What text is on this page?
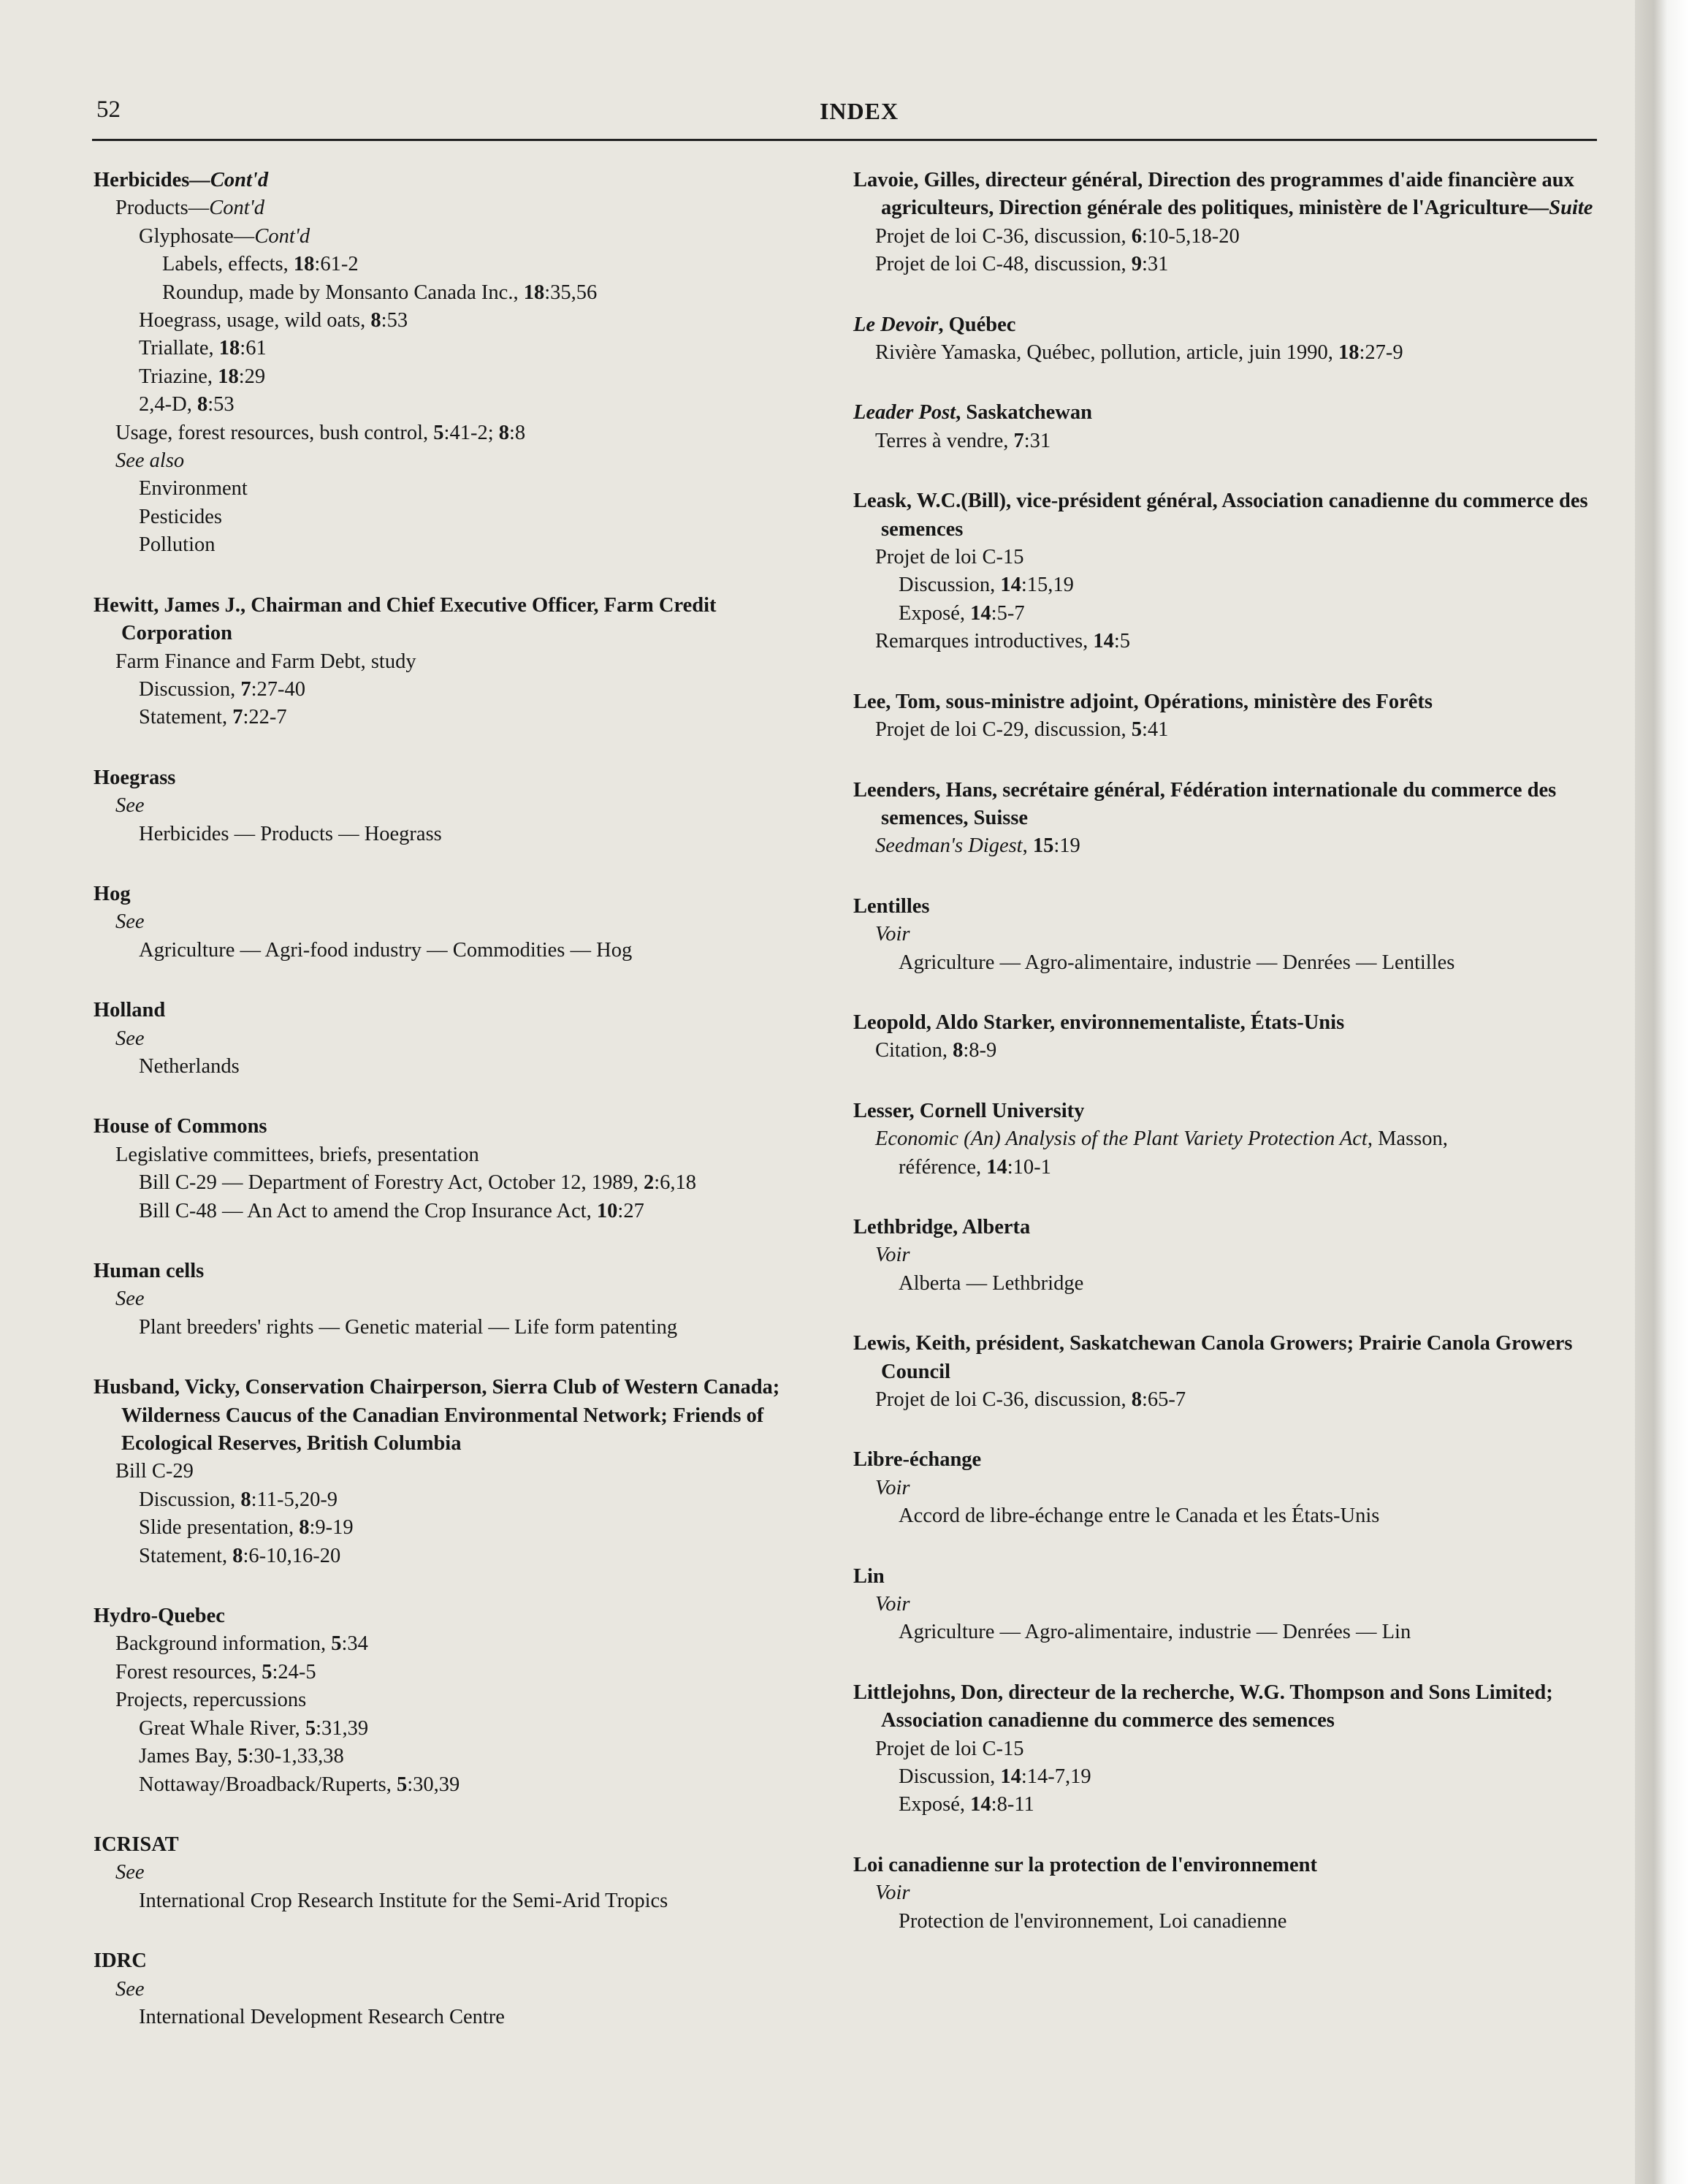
52	INDEX
Herbicides—Cont'd
Products—Cont'd
Glyphosate—Cont'd
Labels, effects, 18:61-2
Roundup, made by Monsanto Canada Inc., 18:35,56
Hoegrass, usage, wild oats, 8:53
Triallate, 18:61
Triazine, 18:29
2,4-D, 8:53
Usage, forest resources, bush control, 5:41-2; 8:8
See also
Environment
Pesticides
Pollution
Hewitt, James J., Chairman and Chief Executive Officer, Farm Credit Corporation
Farm Finance and Farm Debt, study
Discussion, 7:27-40
Statement, 7:22-7
Hoegrass
See
Herbicides — Products — Hoegrass
Hog
See
Agriculture — Agri-food industry — Commodities — Hog
Holland
See
Netherlands
House of Commons
Legislative committees, briefs, presentation
Bill C-29 — Department of Forestry Act, October 12, 1989, 2:6,18
Bill C-48 — An Act to amend the Crop Insurance Act, 10:27
Human cells
See
Plant breeders' rights — Genetic material — Life form patenting
Husband, Vicky, Conservation Chairperson, Sierra Club of Western Canada; Wilderness Caucus of the Canadian Environmental Network; Friends of Ecological Reserves, British Columbia
Bill C-29
Discussion, 8:11-5,20-9
Slide presentation, 8:9-19
Statement, 8:6-10,16-20
Hydro-Quebec
Background information, 5:34
Forest resources, 5:24-5
Projects, repercussions
Great Whale River, 5:31,39
James Bay, 5:30-1,33,38
Nottaway/Broadback/Ruperts, 5:30,39
ICRISAT
See
International Crop Research Institute for the Semi-Arid Tropics
IDRC
See
International Development Research Centre
Lavoie, Gilles, directeur général, Direction des programmes d'aide financière aux agriculteurs, Direction générale des politiques, ministère de l'Agriculture—Suite
Projet de loi C-36, discussion, 6:10-5,18-20
Projet de loi C-48, discussion, 9:31
Le Devoir, Québec
Rivière Yamaska, Québec, pollution, article, juin 1990, 18:27-9
Leader Post, Saskatchewan
Terres à vendre, 7:31
Leask, W.C.(Bill), vice-président général, Association canadienne du commerce des semences
Projet de loi C-15
Discussion, 14:15,19
Exposé, 14:5-7
Remarques introductives, 14:5
Lee, Tom, sous-ministre adjoint, Opérations, ministère des Forêts
Projet de loi C-29, discussion, 5:41
Leenders, Hans, secrétaire général, Fédération internationale du commerce des semences, Suisse
Seedman's Digest, 15:19
Lentilles
Voir
Agriculture — Agro-alimentaire, industrie — Denrées — Lentilles
Leopold, Aldo Starker, environnementaliste, États-Unis
Citation, 8:8-9
Lesser, Cornell University
Economic (An) Analysis of the Plant Variety Protection Act, Masson,
référence, 14:10-1
Lethbridge, Alberta
Voir
Alberta — Lethbridge
Lewis, Keith, président, Saskatchewan Canola Growers; Prairie Canola Growers Council
Projet de loi C-36, discussion, 8:65-7
Libre-échange
Voir
Accord de libre-échange entre le Canada et les États-Unis
Lin
Voir
Agriculture — Agro-alimentaire, industrie — Denrées — Lin
Littlejohns, Don, directeur de la recherche, W.G. Thompson and Sons Limited; Association canadienne du commerce des semences
Projet de loi C-15
Discussion, 14:14-7,19
Exposé, 14:8-11
Loi canadienne sur la protection de l'environnement
Voir
Protection de l'environnement, Loi canadienne
